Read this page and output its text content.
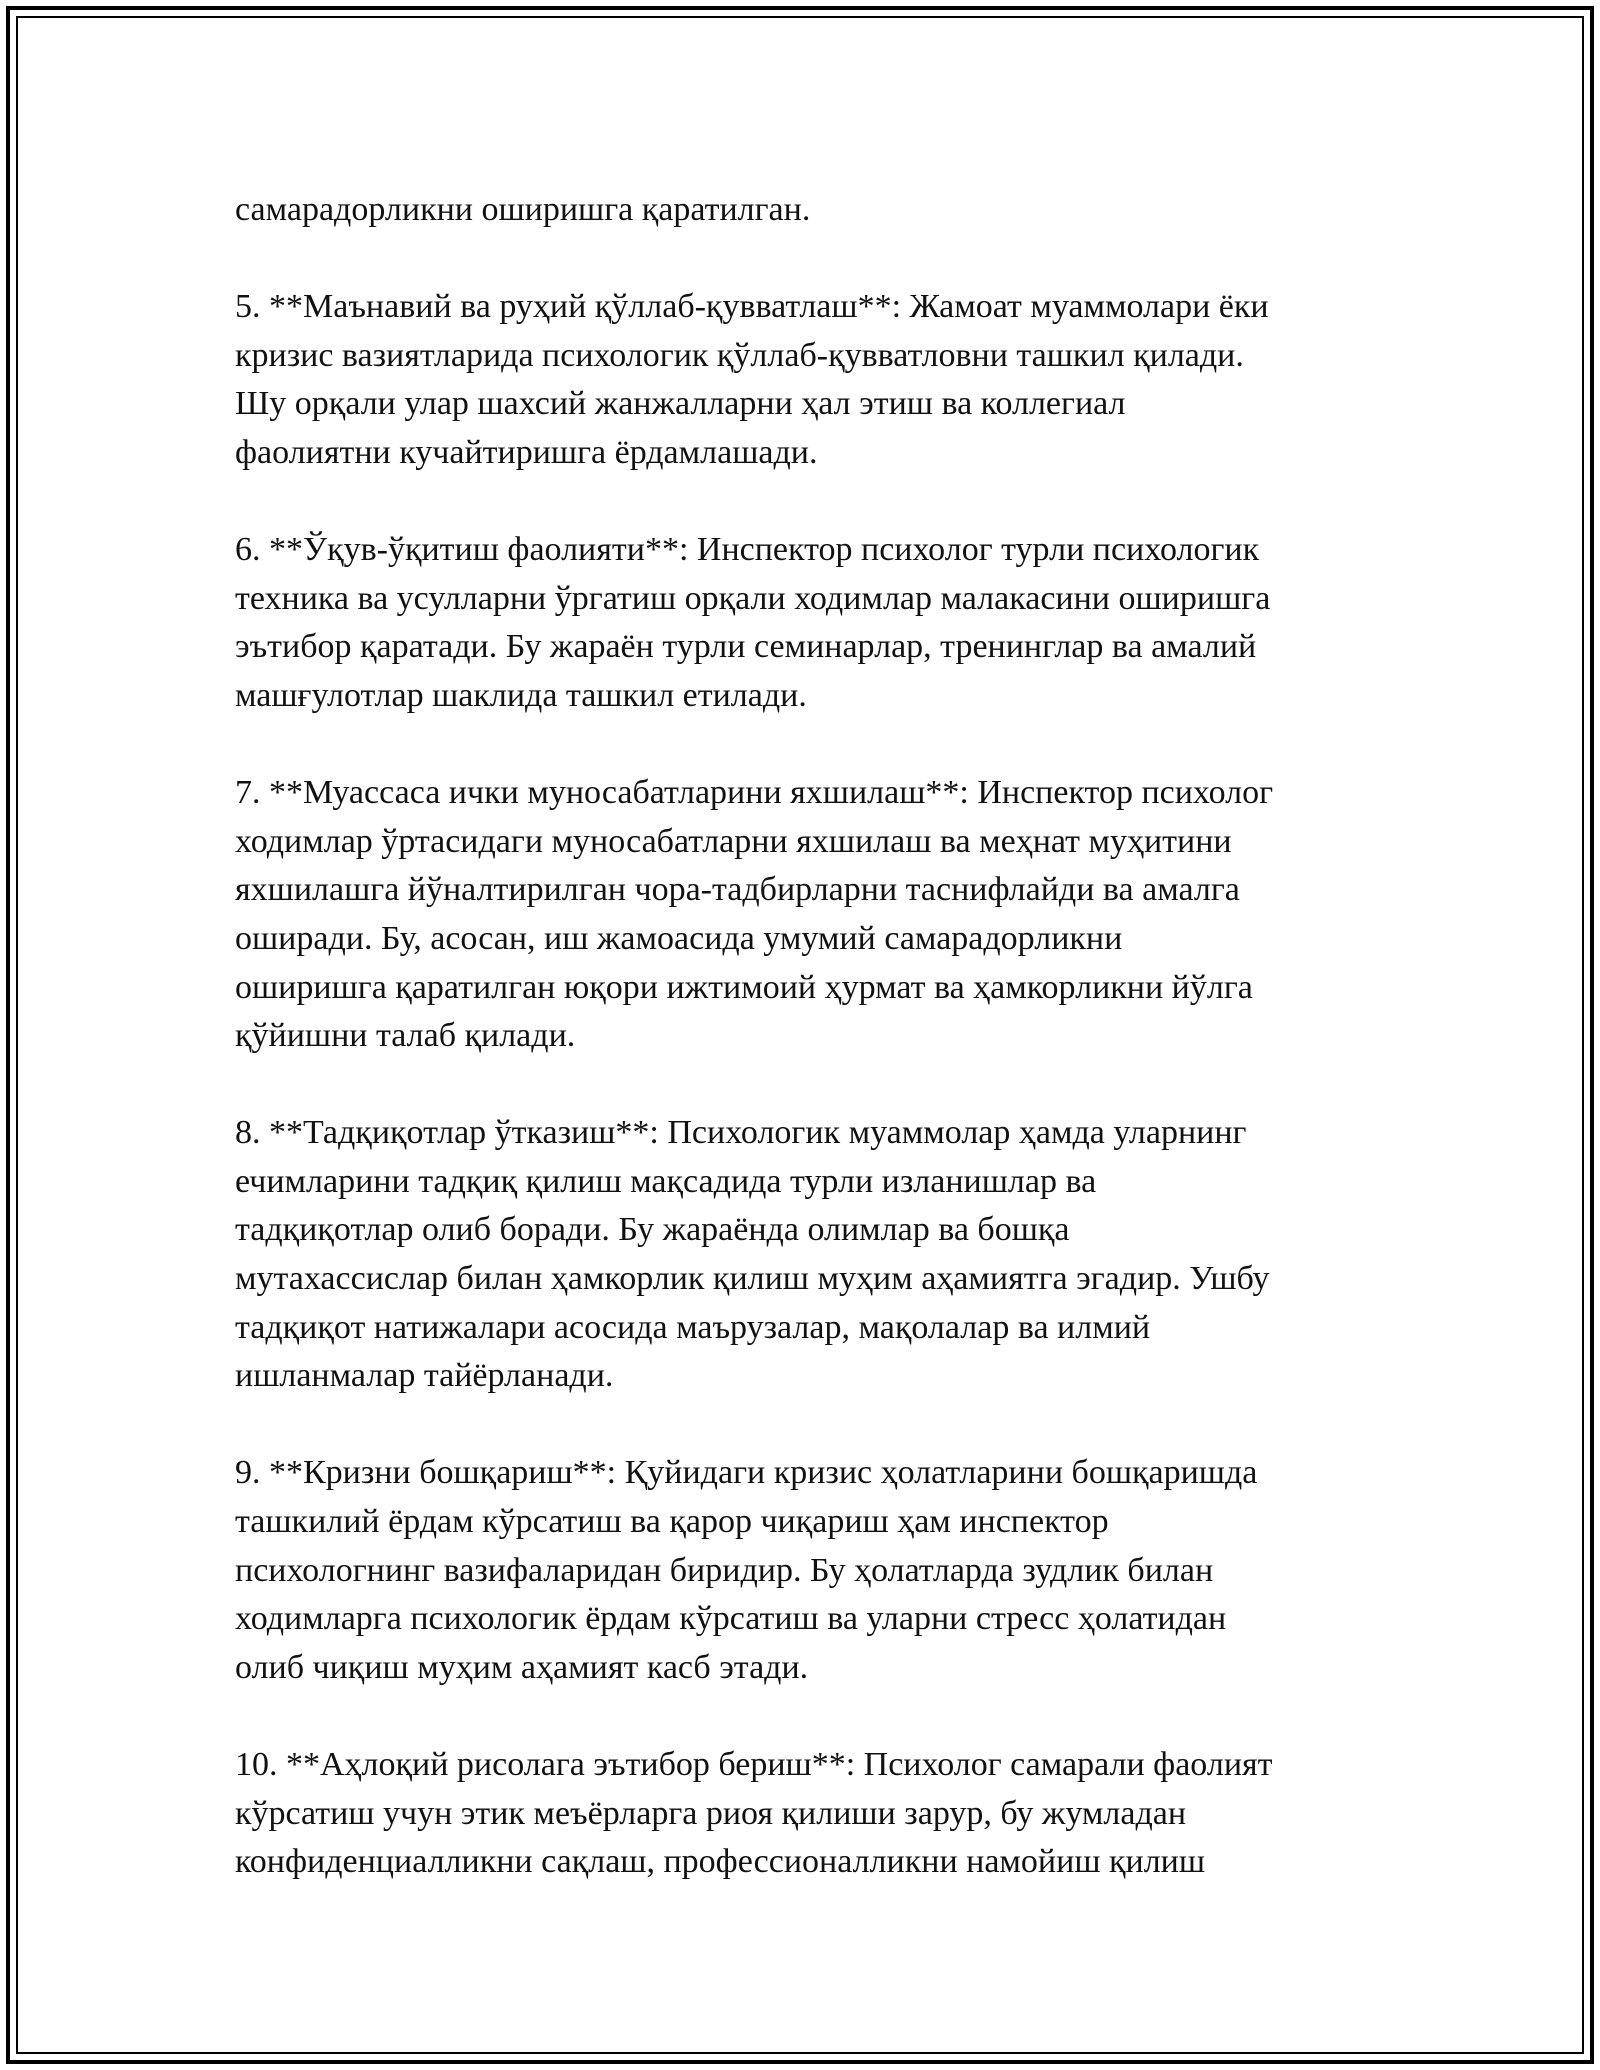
самарадорликни оширишга қаратилган.

5. **Маънавий ва руҳий қўллаб-қувватлаш**: Жамоат муаммолари ёки
кризис вазиятларида психологик қўллаб-қувватловни ташкил қилади.
Шу орқали улар шахсий жанжалларни ҳал этиш ва коллегиал
фаолиятни кучайтиришга ёрдамлашади.

6. **Ўқув-ўқитиш фаолияти**: Инспектор психолог турли психологик
техника ва усулларни ўргатиш орқали ходимлар малакасини оширишга
эътибор қаратади. Бу жараён турли семинарлар, тренинглар ва амалий
машғулотлар шаклида ташкил етилади.

7. **Муассаса ички муносабатларини яхшилаш**: Инспектор психолог
ходимлар ўртасидаги муносабатларни яхшилаш ва меҳнат муҳитини
яхшилашга йўналтирилган чора-тадбирларни таснифлайди ва амалга
оширади. Бу, асосан, иш жамоасида умумий самарадорликни
оширишга қаратилган юқори ижтимоий ҳурмат ва ҳамкорликни йўлга
қўйишни талаб қилади.

8. **Тадқиқотлар ўтказиш**: Психологик муаммолар ҳамда уларнинг
ечимларини тадқиқ қилиш мақсадида турли изланишлар ва
тадқиқотлар олиб боради. Бу жараёнда олимлар ва бошқа
мутахассислар билан ҳамкорлик қилиш муҳим аҳамиятга эгадир. Ушбу
тадқиқот натижалари асосида маърузалар, мақолалар ва илмий
ишланмалар тайёрланади.

9. **Кризни бошқариш**: Қуйидаги кризис ҳолатларини бошқаришда
ташкилий ёрдам кўрсатиш ва қарор чиқариш ҳам инспектор
психологнинг вазифаларидан биридир. Бу ҳолатларда зудлик билан
ходимларга психологик ёрдам кўрсатиш ва уларни стресс ҳолатидан
олиб чиқиш муҳим аҳамият касб этади.

10. **Аҳлоқий рисолага эътибор бериш**: Психолог самарали фаолият
кўрсатиш учун этик меъёрларга риоя қилиши зарур, бу жумладан
конфиденциалликни сақлаш, профессионалликни намойиш қилиш
